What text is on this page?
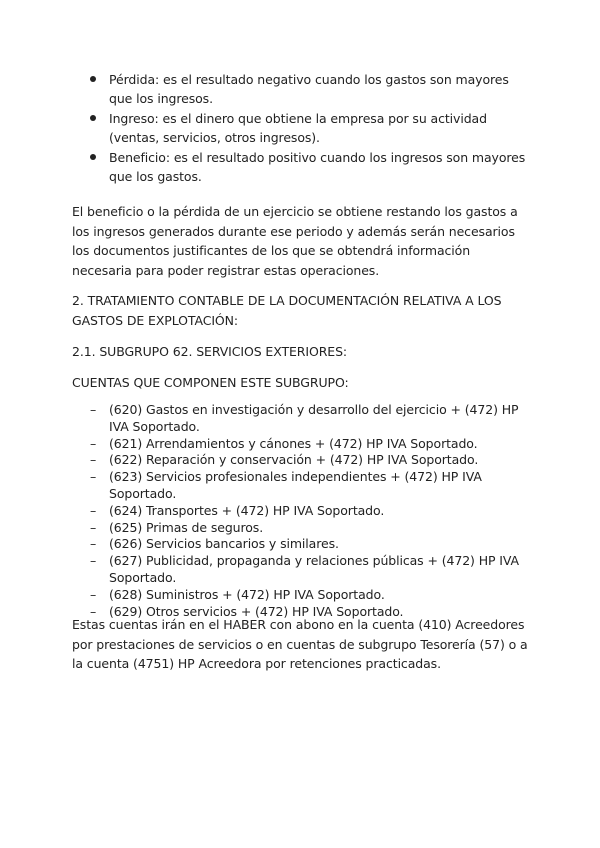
Pérdida: es el resultado negativo cuando los gastos son mayores que los ingresos.
Ingreso: es el dinero que obtiene la empresa por su actividad (ventas, servicios, otros ingresos).
Beneficio: es el resultado positivo cuando los ingresos son mayores que los gastos.

El beneficio o la pérdida de un ejercicio se obtiene restando los gastos a los ingresos generados durante ese periodo y además serán necesarios los documentos justificantes de los que se obtendrá información necesaria para poder registrar estas operaciones.

2. TRATAMIENTO CONTABLE DE LA DOCUMENTACIÓN RELATIVA A LOS GASTOS DE EXPLOTACIÓN:

2.1. SUBGRUPO 62. SERVICIOS EXTERIORES:

CUENTAS QUE COMPONEN ESTE SUBGRUPO:

– (620) Gastos en investigación y desarrollo del ejercicio + (472) HP IVA Soportado.
– (621) Arrendamientos y cánones + (472) HP IVA Soportado.
– (622) Reparación y conservación + (472) HP IVA Soportado.
– (623) Servicios profesionales independientes + (472) HP IVA Soportado.
– (624) Transportes + (472) HP IVA Soportado.
– (625) Primas de seguros.
– (626) Servicios bancarios y similares.
– (627) Publicidad, propaganda y relaciones públicas + (472) HP IVA Soportado.
– (628) Suministros + (472) HP IVA Soportado.
– (629) Otros servicios + (472) HP IVA Soportado.

Estas cuentas irán en el HABER con abono en la cuenta (410) Acreedores por prestaciones de servicios o en cuentas de subgrupo Tesorería (57) o a la cuenta (4751) HP Acreedora por retenciones practicadas.
